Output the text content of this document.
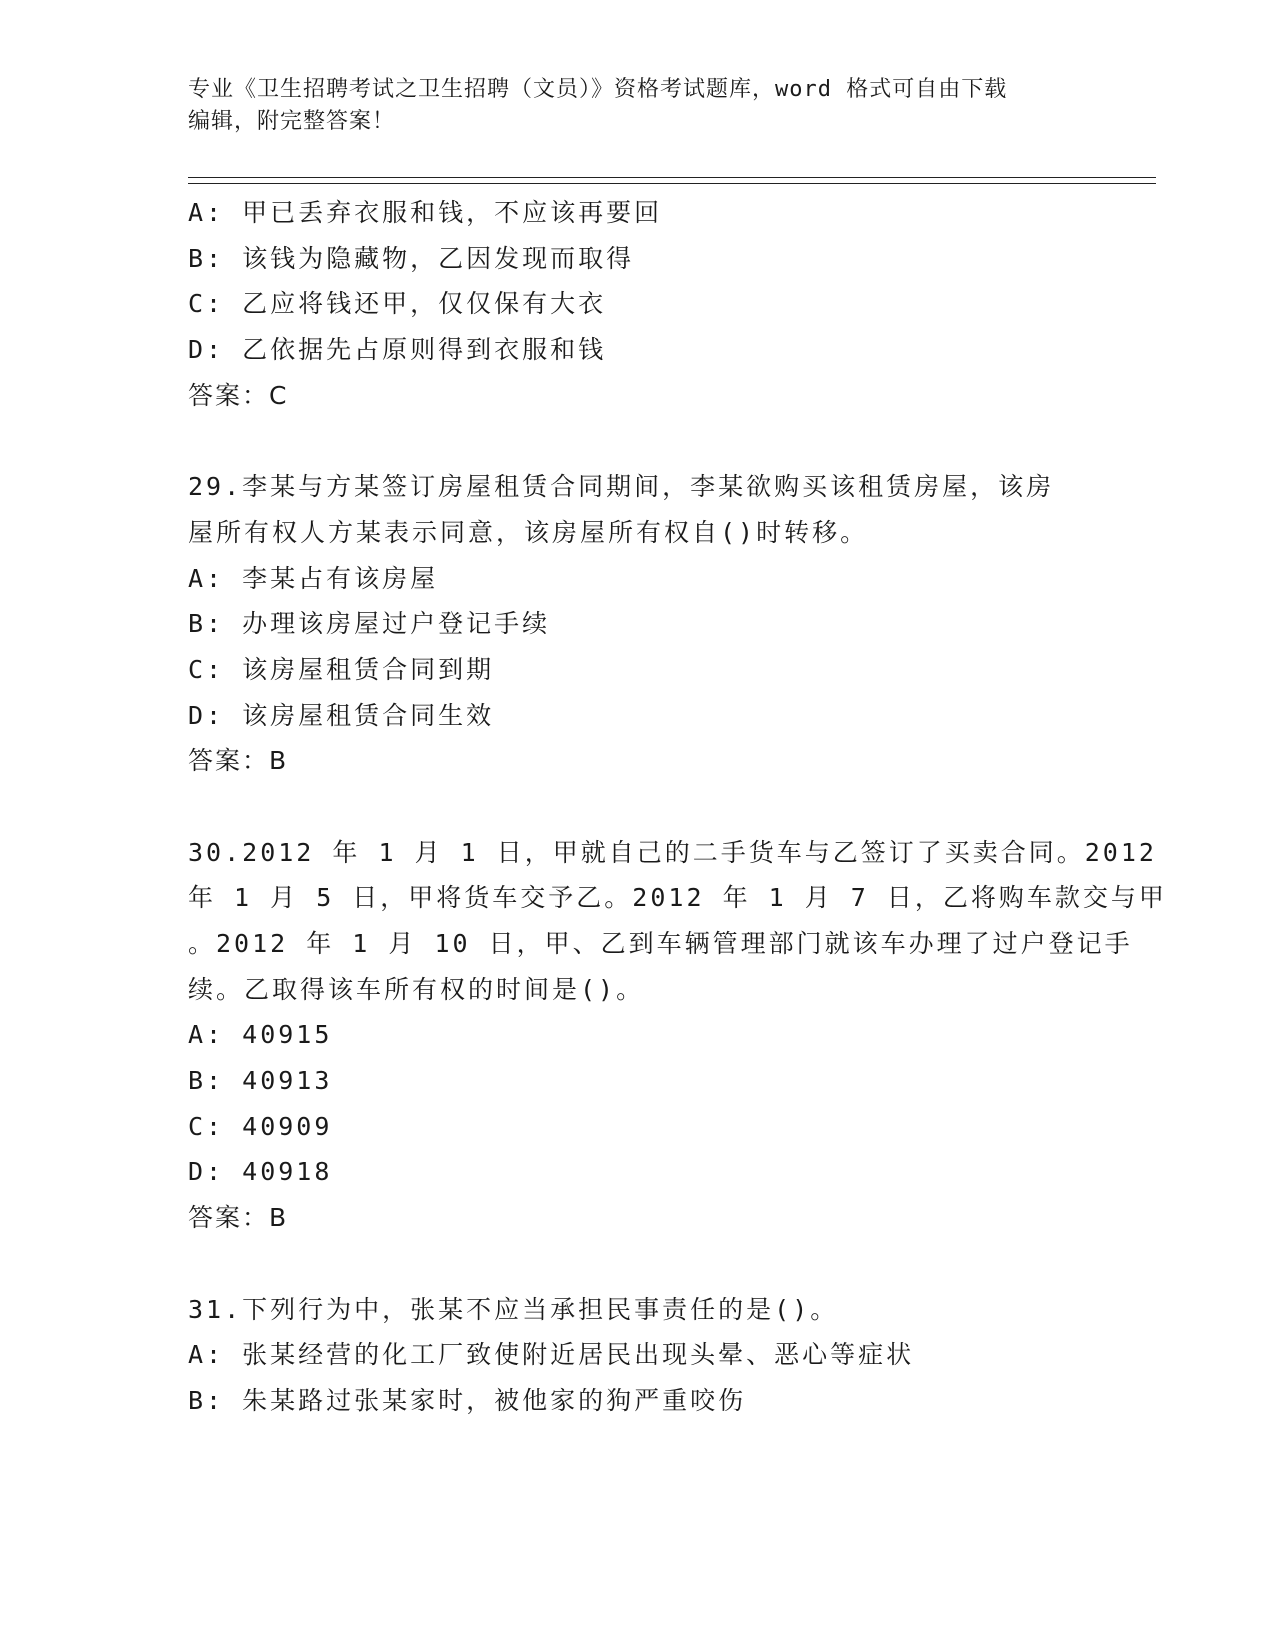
专业《卫生招聘考试之卫生招聘（文员）》资格考试题库，word 格式可自由下载
编辑，附完整答案！
A: 甲已丢弃衣服和钱，不应该再要回
B: 该钱为隐藏物，乙因发现而取得
C: 乙应将钱还甲，仅仅保有大衣
D: 乙依据先占原则得到衣服和钱
答案：C
29.李某与方某签订房屋租赁合同期间，李某欲购买该租赁房屋，该房
屋所有权人方某表示同意，该房屋所有权自()时转移。
A: 李某占有该房屋
B: 办理该房屋过户登记手续
C: 该房屋租赁合同到期
D: 该房屋租赁合同生效
答案：B
30.2012 年 1 月 1 日，甲就自己的二手货车与乙签订了买卖合同。2012
年 1 月 5 日，甲将货车交予乙。2012 年 1 月 7 日，乙将购车款交与甲
。2012 年 1 月 10 日，甲、乙到车辆管理部门就该车办理了过户登记手
续。乙取得该车所有权的时间是()。
A: 40915
B: 40913
C: 40909
D: 40918
答案：B
31.下列行为中，张某不应当承担民事责任的是()。
A: 张某经营的化工厂致使附近居民出现头晕、恶心等症状
B: 朱某路过张某家时，被他家的狗严重咬伤
